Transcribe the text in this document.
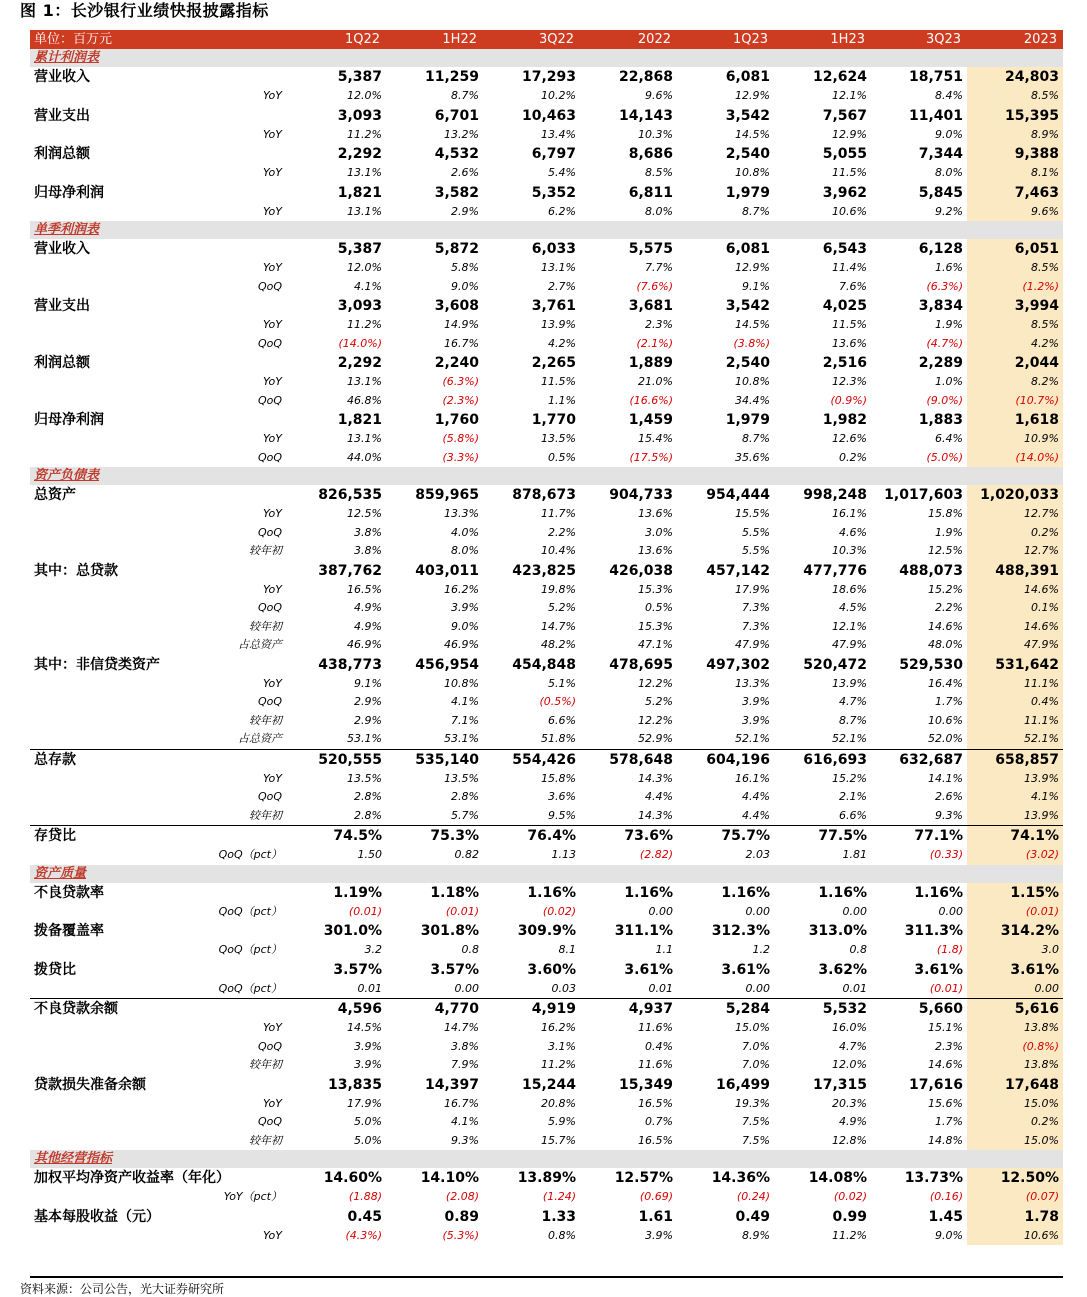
图 1：长沙银行业绩快报披露指标
单位：百万元	1Q22	1H22	3Q22	2022	1Q23	1H23	3Q23	2023
累计利润表								
营业收入	5,387	11,259	17,293	22,868	6,081	12,624	18,751	24,803
YoY	12.0%	8.7%	10.2%	9.6%	12.9%	12.1%	8.4%	8.5%
营业支出	3,093	6,701	10,463	14,143	3,542	7,567	11,401	15,395
YoY	11.2%	13.2%	13.4%	10.3%	14.5%	12.9%	9.0%	8.9%
利润总额	2,292	4,532	6,797	8,686	2,540	5,055	7,344	9,388
YoY	13.1%	2.6%	5.4%	8.5%	10.8%	11.5%	8.0%	8.1%
归母净利润	1,821	3,582	5,352	6,811	1,979	3,962	5,845	7,463
YoY	13.1%	2.9%	6.2%	8.0%	8.7%	10.6%	9.2%	9.6%
单季利润表								
营业收入	5,387	5,872	6,033	5,575	6,081	6,543	6,128	6,051
YoY	12.0%	5.8%	13.1%	7.7%	12.9%	11.4%	1.6%	8.5%
QoQ	4.1%	9.0%	2.7%	(7.6%)	9.1%	7.6%	(6.3%)	(1.2%)
营业支出	3,093	3,608	3,761	3,681	3,542	4,025	3,834	3,994
YoY	11.2%	14.9%	13.9%	2.3%	14.5%	11.5%	1.9%	8.5%
QoQ	(14.0%)	16.7%	4.2%	(2.1%)	(3.8%)	13.6%	(4.7%)	4.2%
利润总额	2,292	2,240	2,265	1,889	2,540	2,516	2,289	2,044
YoY	13.1%	(6.3%)	11.5%	21.0%	10.8%	12.3%	1.0%	8.2%
QoQ	46.8%	(2.3%)	1.1%	(16.6%)	34.4%	(0.9%)	(9.0%)	(10.7%)
归母净利润	1,821	1,760	1,770	1,459	1,979	1,982	1,883	1,618
YoY	13.1%	(5.8%)	13.5%	15.4%	8.7%	12.6%	6.4%	10.9%
QoQ	44.0%	(3.3%)	0.5%	(17.5%)	35.6%	0.2%	(5.0%)	(14.0%)
资产负债表								
总资产	826,535	859,965	878,673	904,733	954,444	998,248	1,017,603	1,020,033
YoY	12.5%	13.3%	11.7%	13.6%	15.5%	16.1%	15.8%	12.7%
QoQ	3.8%	4.0%	2.2%	3.0%	5.5%	4.6%	1.9%	0.2%
较年初	3.8%	8.0%	10.4%	13.6%	5.5%	10.3%	12.5%	12.7%
其中：总贷款	387,762	403,011	423,825	426,038	457,142	477,776	488,073	488,391
YoY	16.5%	16.2%	19.8%	15.3%	17.9%	18.6%	15.2%	14.6%
QoQ	4.9%	3.9%	5.2%	0.5%	7.3%	4.5%	2.2%	0.1%
较年初	4.9%	9.0%	14.7%	15.3%	7.3%	12.1%	14.6%	14.6%
占总资产	46.9%	46.9%	48.2%	47.1%	47.9%	47.9%	48.0%	47.9%
其中：非信贷类资产	438,773	456,954	454,848	478,695	497,302	520,472	529,530	531,642
YoY	9.1%	10.8%	5.1%	12.2%	13.3%	13.9%	16.4%	11.1%
QoQ	2.9%	4.1%	(0.5%)	5.2%	3.9%	4.7%	1.7%	0.4%
较年初	2.9%	7.1%	6.6%	12.2%	3.9%	8.7%	10.6%	11.1%
占总资产	53.1%	53.1%	51.8%	52.9%	52.1%	52.1%	52.0%	52.1%
总存款	520,555	535,140	554,426	578,648	604,196	616,693	632,687	658,857
YoY	13.5%	13.5%	15.8%	14.3%	16.1%	15.2%	14.1%	13.9%
QoQ	2.8%	2.8%	3.6%	4.4%	4.4%	2.1%	2.6%	4.1%
较年初	2.8%	5.7%	9.5%	14.3%	4.4%	6.6%	9.3%	13.9%
存贷比	74.5%	75.3%	76.4%	73.6%	75.7%	77.5%	77.1%	74.1%
QoQ（pct）	1.50	0.82	1.13	(2.82)	2.03	1.81	(0.33)	(3.02)
资产质量								
不良贷款率	1.19%	1.18%	1.16%	1.16%	1.16%	1.16%	1.16%	1.15%
QoQ（pct）	(0.01)	(0.01)	(0.02)	0.00	0.00	0.00	0.00	(0.01)
拨备覆盖率	301.0%	301.8%	309.9%	311.1%	312.3%	313.0%	311.3%	314.2%
QoQ（pct）	3.2	0.8	8.1	1.1	1.2	0.8	(1.8)	3.0
拨贷比	3.57%	3.57%	3.60%	3.61%	3.61%	3.62%	3.61%	3.61%
QoQ（pct）	0.01	0.00	0.03	0.01	0.00	0.01	(0.01)	0.00
不良贷款余额	4,596	4,770	4,919	4,937	5,284	5,532	5,660	5,616
YoY	14.5%	14.7%	16.2%	11.6%	15.0%	16.0%	15.1%	13.8%
QoQ	3.9%	3.8%	3.1%	0.4%	7.0%	4.7%	2.3%	(0.8%)
较年初	3.9%	7.9%	11.2%	11.6%	7.0%	12.0%	14.6%	13.8%
贷款损失准备余额	13,835	14,397	15,244	15,349	16,499	17,315	17,616	17,648
YoY	17.9%	16.7%	20.8%	16.5%	19.3%	20.3%	15.6%	15.0%
QoQ	5.0%	4.1%	5.9%	0.7%	7.5%	4.9%	1.7%	0.2%
较年初	5.0%	9.3%	15.7%	16.5%	7.5%	12.8%	14.8%	15.0%
其他经营指标								
加权平均净资产收益率（年化）	14.60%	14.10%	13.89%	12.57%	14.36%	14.08%	13.73%	12.50%
YoY（pct）	(1.88)	(2.08)	(1.24)	(0.69)	(0.24)	(0.02)	(0.16)	(0.07)
基本每股收益（元）	0.45	0.89	1.33	1.61	0.49	0.99	1.45	1.78
YoY	(4.3%)	(5.3%)	0.8%	3.9%	8.9%	11.2%	9.0%	10.6%
资料来源：公司公告，光大证券研究所
